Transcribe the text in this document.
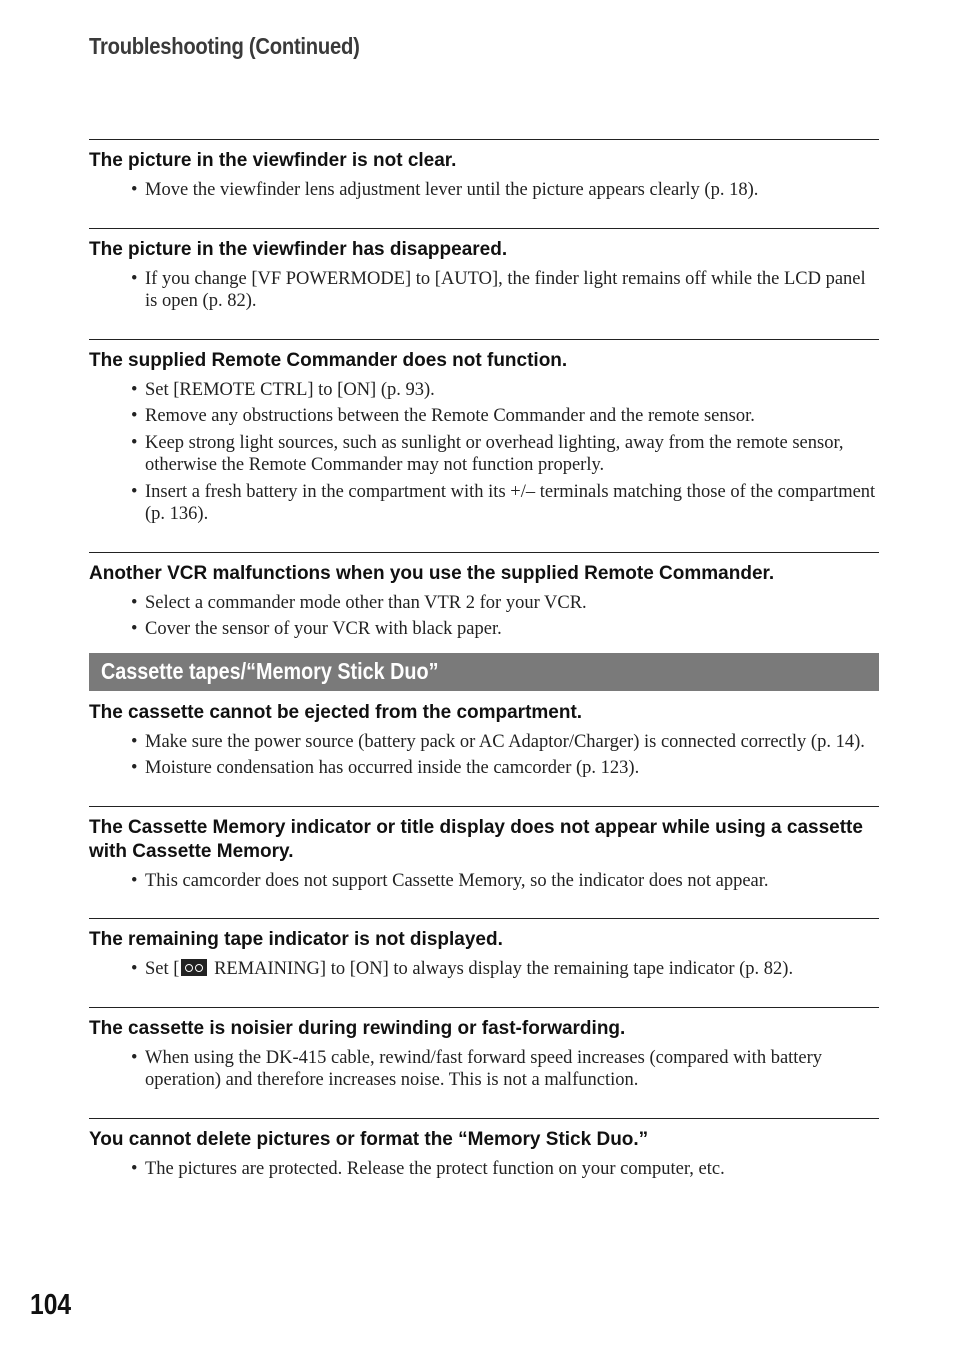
Troubleshooting (Continued)
The picture in the viewfinder is not clear.
• Move the viewfinder lens adjustment lever until the picture appears clearly (p. 18).
The picture in the viewfinder has disappeared.
• If you change [VF POWERMODE] to [AUTO], the finder light remains off while the LCD panel is open (p. 82).
The supplied Remote Commander does not function.
• Set [REMOTE CTRL] to [ON] (p. 93).
• Remove any obstructions between the Remote Commander and the remote sensor.
• Keep strong light sources, such as sunlight or overhead lighting, away from the remote sensor, otherwise the Remote Commander may not function properly.
• Insert a fresh battery in the compartment with its +/– terminals matching those of the compartment (p. 136).
Another VCR malfunctions when you use the supplied Remote Commander.
• Select a commander mode other than VTR 2 for your VCR.
• Cover the sensor of your VCR with black paper.
Cassette tapes/“Memory Stick Duo”
The cassette cannot be ejected from the compartment.
• Make sure the power source (battery pack or AC Adaptor/Charger) is connected correctly (p. 14).
• Moisture condensation has occurred inside the camcorder (p. 123).
The Cassette Memory indicator or title display does not appear while using a cassette with Cassette Memory.
• This camcorder does not support Cassette Memory, so the indicator does not appear.
The remaining tape indicator is not displayed.
• Set [ REMAINING] to [ON] to always display the remaining tape indicator (p. 82).
The cassette is noisier during rewinding or fast-forwarding.
• When using the DK-415 cable, rewind/fast forward speed increases (compared with battery operation) and therefore increases noise. This is not a malfunction.
You cannot delete pictures or format the “Memory Stick Duo.”
• The pictures are protected. Release the protect function on your computer, etc.
104
